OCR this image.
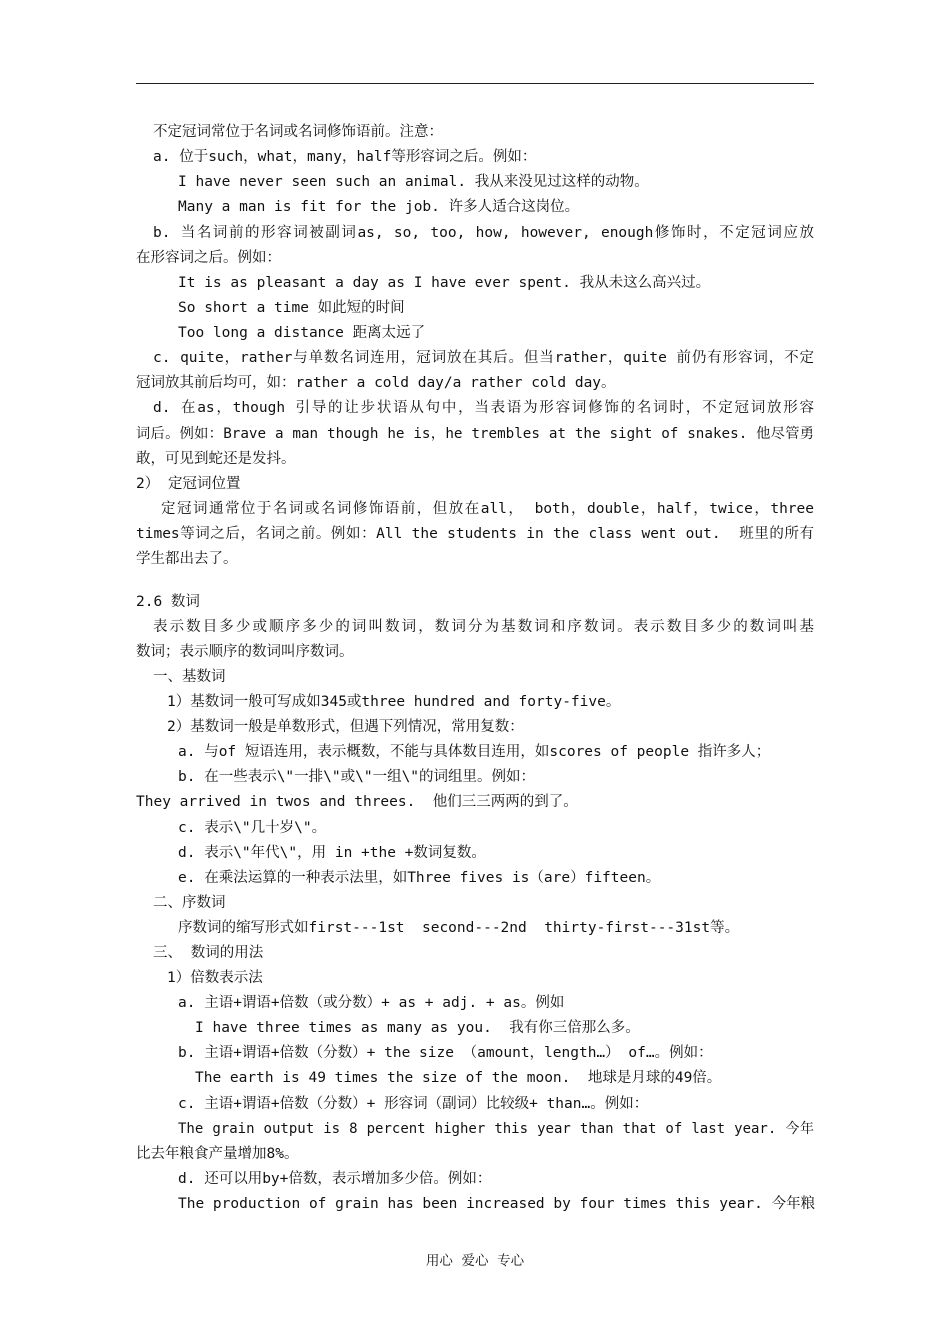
不定冠词常位于名词或名词修饰语前。注意：
a. 位于such，what，many，half等形容词之后。例如：
I have never seen such an animal. 我从来没见过这样的动物。
Many a man is fit for the job. 许多人适合这岗位。
b. 当名词前的形容词被副词as, so, too, how, however, enough修饰时，不定冠词应放
在形容词之后。例如：
It is as pleasant a day as I have ever spent. 我从未这么高兴过。
So short a time 如此短的时间
Too long a distance 距离太远了
c. quite，rather与单数名词连用，冠词放在其后。但当rather，quite 前仍有形容词，不定
冠词放其前后均可，如：rather a cold day/a rather cold day。
d. 在as，though 引导的让步状语从句中，当表语为形容词修饰的名词时，不定冠词放形容
词后。例如：Brave a man though he is，he trembles at the sight of snakes. 他尽管勇
敢，可见到蛇还是发抖。
2） 定冠词位置
定冠词通常位于名词或名词修饰语前，但放在all， both，double，half，twice，three
times等词之后，名词之前。例如：All the students in the class went out.  班里的所有
学生都出去了。
2.6 数词
表示数目多少或顺序多少的词叫数词，数词分为基数词和序数词。表示数目多少的数词叫基
数词；表示顺序的数词叫序数词。
一、基数词
1）基数词一般可写成如345或three hundred and forty-five。
2）基数词一般是单数形式，但遇下列情况，常用复数：
a. 与of 短语连用，表示概数，不能与具体数目连用，如scores of people 指许多人；
b. 在一些表示\"一排\"或\"一组\"的词组里。例如：
They arrived in twos and threes.  他们三三两两的到了。
c. 表示\"几十岁\"。
d. 表示\"年代\"，用 in +the +数词复数。
e. 在乘法运算的一种表示法里，如Three fives is（are）fifteen。
二、序数词
序数词的缩写形式如first---1st  second---2nd  thirty-first---31st等。
三、 数词的用法
1）倍数表示法
a. 主语+谓语+倍数（或分数）+ as + adj. + as。例如
I have three times as many as you.  我有你三倍那么多。
b. 主语+谓语+倍数（分数）+ the size （amount，length…） of…。例如：
The earth is 49 times the size of the moon.  地球是月球的49倍。
c. 主语+谓语+倍数（分数）+ 形容词（副词）比较级+ than…。例如：
The grain output is 8 percent higher this year than that of last year. 今年
比去年粮食产量增加8%。
d. 还可以用by+倍数，表示增加多少倍。例如：
The production of grain has been increased by four times this year. 今年粮
用心  爱心  专心
